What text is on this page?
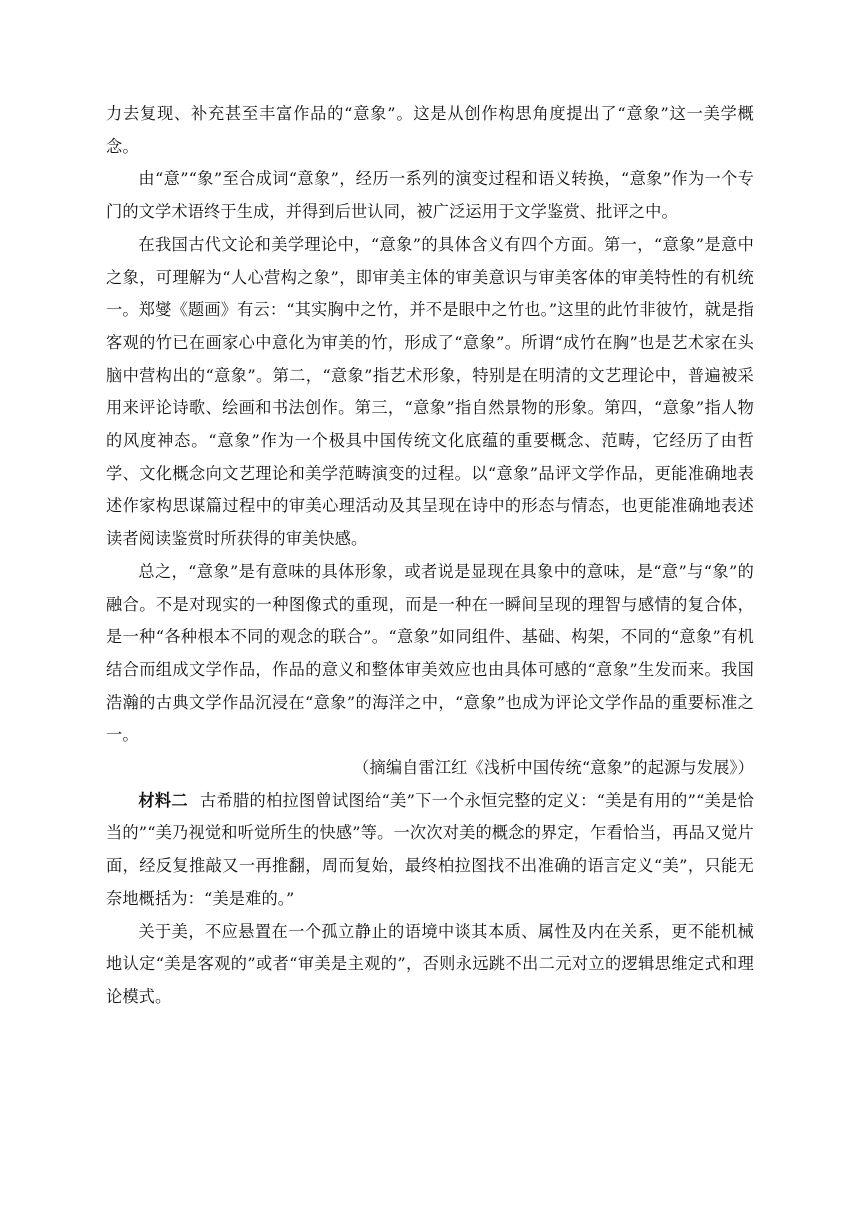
力去复现、补充甚至丰富作品的“意象”。这是从创作构思角度提出了“意象”这一美学概念。

由“意”“象”至合成词“意象”，经历一系列的演变过程和语义转换，“意象”作为一个专门的文学术语终于生成，并得到后世认同，被广泛运用于文学鉴赏、批评之中。

在我国古代文论和美学理论中，“意象”的具体含义有四个方面。第一，“意象”是意中之象，可理解为“人心营构之象”，即审美主体的审美意识与审美客体的审美特性的有机统一。郑燮《题画》有云：“其实胸中之竹，并不是眼中之竹也。”这里的此竹非彼竹，就是指客观的竹已在画家心中意化为审美的竹，形成了“意象”。所谓“成竹在胸”也是艺术家在头脑中营构出的“意象”。第二，“意象”指艺术形象，特别是在明清的文艺理论中，普遍被采用来评论诗歌、绘画和书法创作。第三，“意象”指自然景物的形象。第四，“意象”指人物的风度神态。“意象”作为一个极具中国传统文化底蕴的重要概念、范畴，它经历了由哲学、文化概念向文艺理论和美学范畴演变的过程。以“意象”品评文学作品，更能准确地表述作家构思谋篇过程中的审美心理活动及其呈现在诗中的形态与情态，也更能准确地表述读者阅读鉴赏时所获得的审美快感。

总之，“意象”是有意味的具体形象，或者说是显现在具象中的意味，是“意”与“象”的融合。不是对现实的一种图像式的重现，而是一种在一瞬间呈现的理智与感情的复合体，是一种“各种根本不同的观念的联合”。“意象”如同组件、基础、构架，不同的“意象”有机结合而组成文学作品，作品的意义和整体审美效应也由具体可感的“意象”生发而来。我国浩瀚的古典文学作品沉浸在“意象”的海洋之中，“意象”也成为评论文学作品的重要标准之一。

（摘编自雷江红《浅析中国传统“意象”的起源与发展》）

材料二 古希腊的柏拉图曾试图给“美”下一个永恒完整的定义：“美是有用的”“美是恰当的”“美乃视觉和听觉所生的快感”等。一次次对美的概念的界定，乍看恰当，再品又觉片面，经反复推敲又一再推翻，周而复始，最终柏拉图找不出准确的语言定义“美”，只能无奈地概括为：“美是难的。”

关于美，不应悬置在一个孤立静止的语境中谈其本质、属性及内在关系，更不能机械地认定“美是客观的”或者“审美是主观的”，否则永远跳不出二元对立的逻辑思维定式和理论模式。
